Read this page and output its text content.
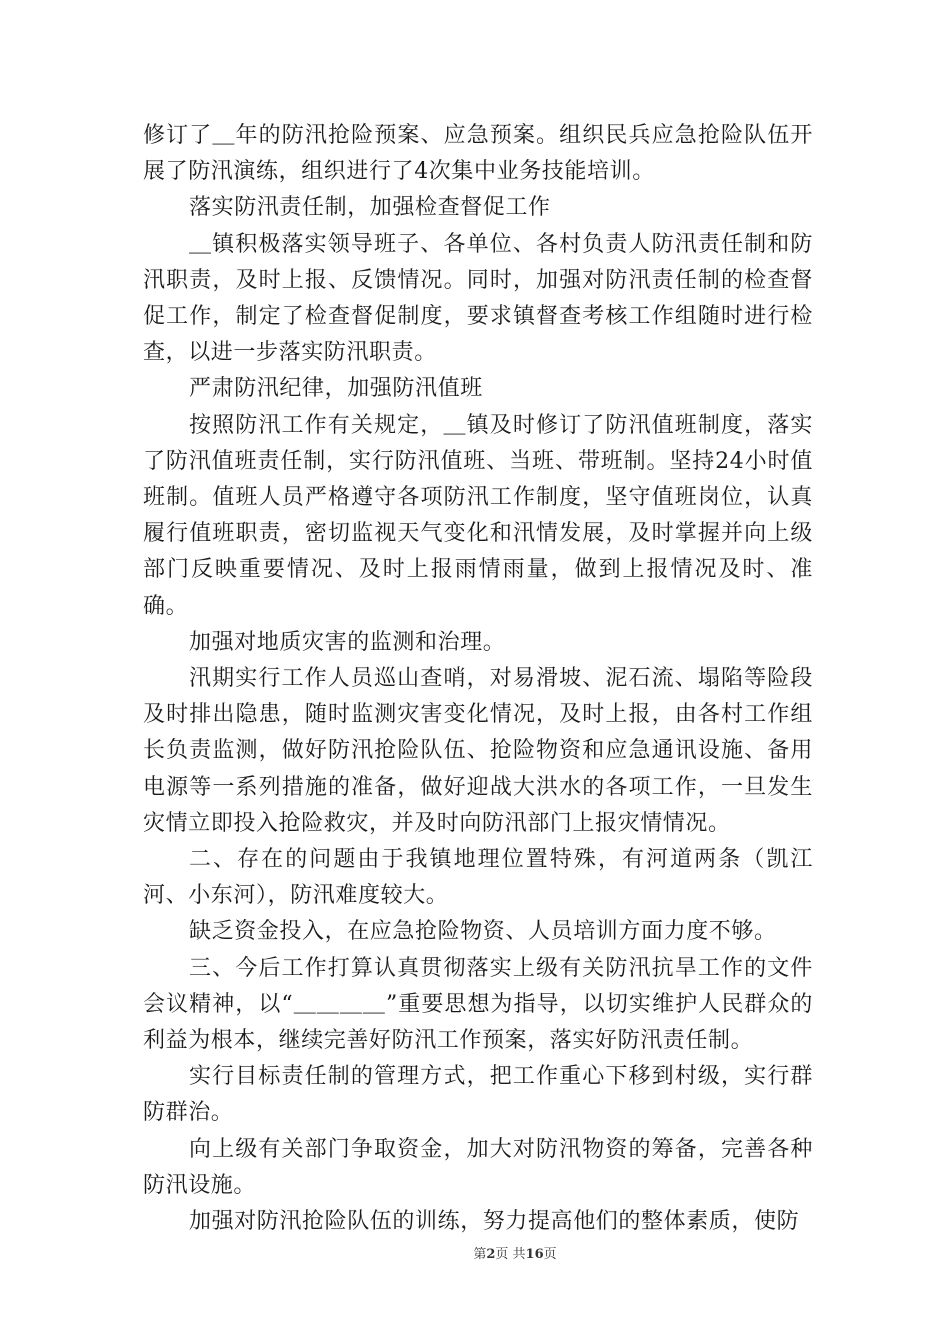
修订了＿年的防汛抢险预案、应急预案。组织民兵应急抢险队伍开展了防汛演练，组织进行了4次集中业务技能培训。

落实防汛责任制，加强检查督促工作

＿镇积极落实领导班子、各单位、各村负责人防汛责任制和防汛职责，及时上报、反馈情况。同时，加强对防汛责任制的检查督促工作，制定了检查督促制度，要求镇督查考核工作组随时进行检查，以进一步落实防汛职责。

严肃防汛纪律，加强防汛值班

按照防汛工作有关规定，＿镇及时修订了防汛值班制度，落实了防汛值班责任制，实行防汛值班、当班、带班制。坚持24小时值班制。值班人员严格遵守各项防汛工作制度，坚守值班岗位，认真履行值班职责，密切监视天气变化和汛情发展，及时掌握并向上级部门反映重要情况、及时上报雨情雨量，做到上报情况及时、准确。

加强对地质灾害的监测和治理。

汛期实行工作人员巡山查哨，对易滑坡、泥石流、塌陷等险段及时排出隐患，随时监测灾害变化情况，及时上报，由各村工作组长负责监测，做好防汛抢险队伍、抢险物资和应急通讯设施、备用电源等一系列措施的准备，做好迎战大洪水的各项工作，一旦发生灾情立即投入抢险救灾，并及时向防汛部门上报灾情情况。

二、存在的问题由于我镇地理位置特殊，有河道两条（凯江河、小东河），防汛难度较大。

缺乏资金投入，在应急抢险物资、人员培训方面力度不够。

三、今后工作打算认真贯彻落实上级有关防汛抗旱工作的文件会议精神，以“＿＿＿＿”重要思想为指导，以切实维护人民群众的利益为根本，继续完善好防汛工作预案，落实好防汛责任制。

实行目标责任制的管理方式，把工作重心下移到村级，实行群防群治。

向上级有关部门争取资金，加大对防汛物资的筹备，完善各种防汛设施。

加强对防汛抢险队伍的训练，努力提高他们的整体素质，使防

第2页 共16页
